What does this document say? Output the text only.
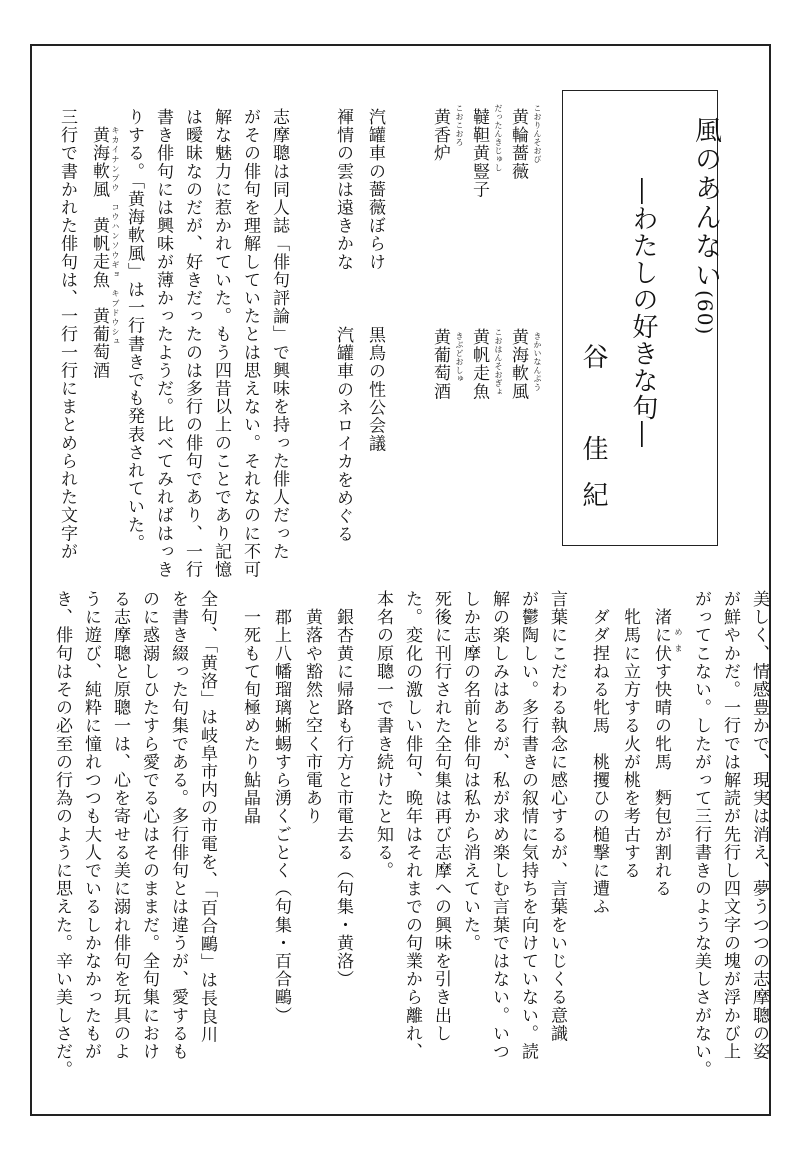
風のあんない(60)
―わたしの好きな句―
谷　佳紀
黄輪薔薇 こおりんそおび
黄海軟風 きかいなんぷう
韃靼黄豎子 だったんきじゅし
黄帆走魚 こおはんそおぎょ
黄香炉 こおこおろ
黄葡萄酒 きぶどおしゅ
汽罐車の薔薇ぼらけ
黒鳥の性公会議
褌情の雲は遠きかな
汽罐車のネロイカをめぐる
志摩聰は同人誌「俳句評論」で興味を持った俳人だった
がその俳句を理解していたとは思えない。それなのに不可
解な魅力に惹かれていた。もう四昔以上のことであり記憶
は曖昧なのだが、好きだったのは多行の俳句であり、一行
書き俳句には興味が薄かったようだ。比べてみればはっき
りする。「黄海軟風」は一行書きでも発表されていた。
黄海軟風　黄帆走魚　黄葡萄酒 キカイナンプウ　コウハンソウギョ　キブドウシュ
三行で書かれた俳句は、一行一行にまとめられた文字が
美しく、情感豊かで、現実は消え、夢うつつの志摩聰の姿
が鮮やかだ。一行では解読が先行し四文字の塊が浮かび上
がってこない。したがって三行書きのような美しさがない。
　渚に伏す快晴の牝馬　麪包が割れる め
ま
　牝馬に立方する火が桃を考古する
　ダダ捏ねる牝馬　桃攫ひの槌撃に遭ふ
言葉にこだわる執念に感心するが、言葉をいじくる意識
が鬱陶しい。多行書きの叙情に気持ちを向けていない。読
解の楽しみはあるが、私が求め楽しむ言葉ではない。いつ
しか志摩の名前と俳句は私から消えていた。
死後に刊行された全句集は再び志摩への興味を引き出し
た。変化の激しい俳句、晩年はそれまでの句業から離れ、
本名の原聰一で書き続けたと知る。
　銀杏黄に帰路も行方と市電去る（句集・黄洛）
　黄落や豁然と空く市電あり
　郡上八幡瑠璃蜥蜴すら湧くごとく（句集・百合鷗）
　一死もて旬極めたり鮎晶晶
全句、「黄洛」は岐阜市内の市電を、「百合鷗」は長良川
を書き綴った句集である。多行俳句とは違うが、愛するも
のに惑溺しひたすら愛でる心はそのままだ。全句集におけ
る志摩聰と原聰一は、心を寄せる美に溺れ俳句を玩具のよ
うに遊び、純粋に憧れつつも大人でいるしかなかったもが
き、俳句はその必至の行為のように思えた。辛い美しさだ。
